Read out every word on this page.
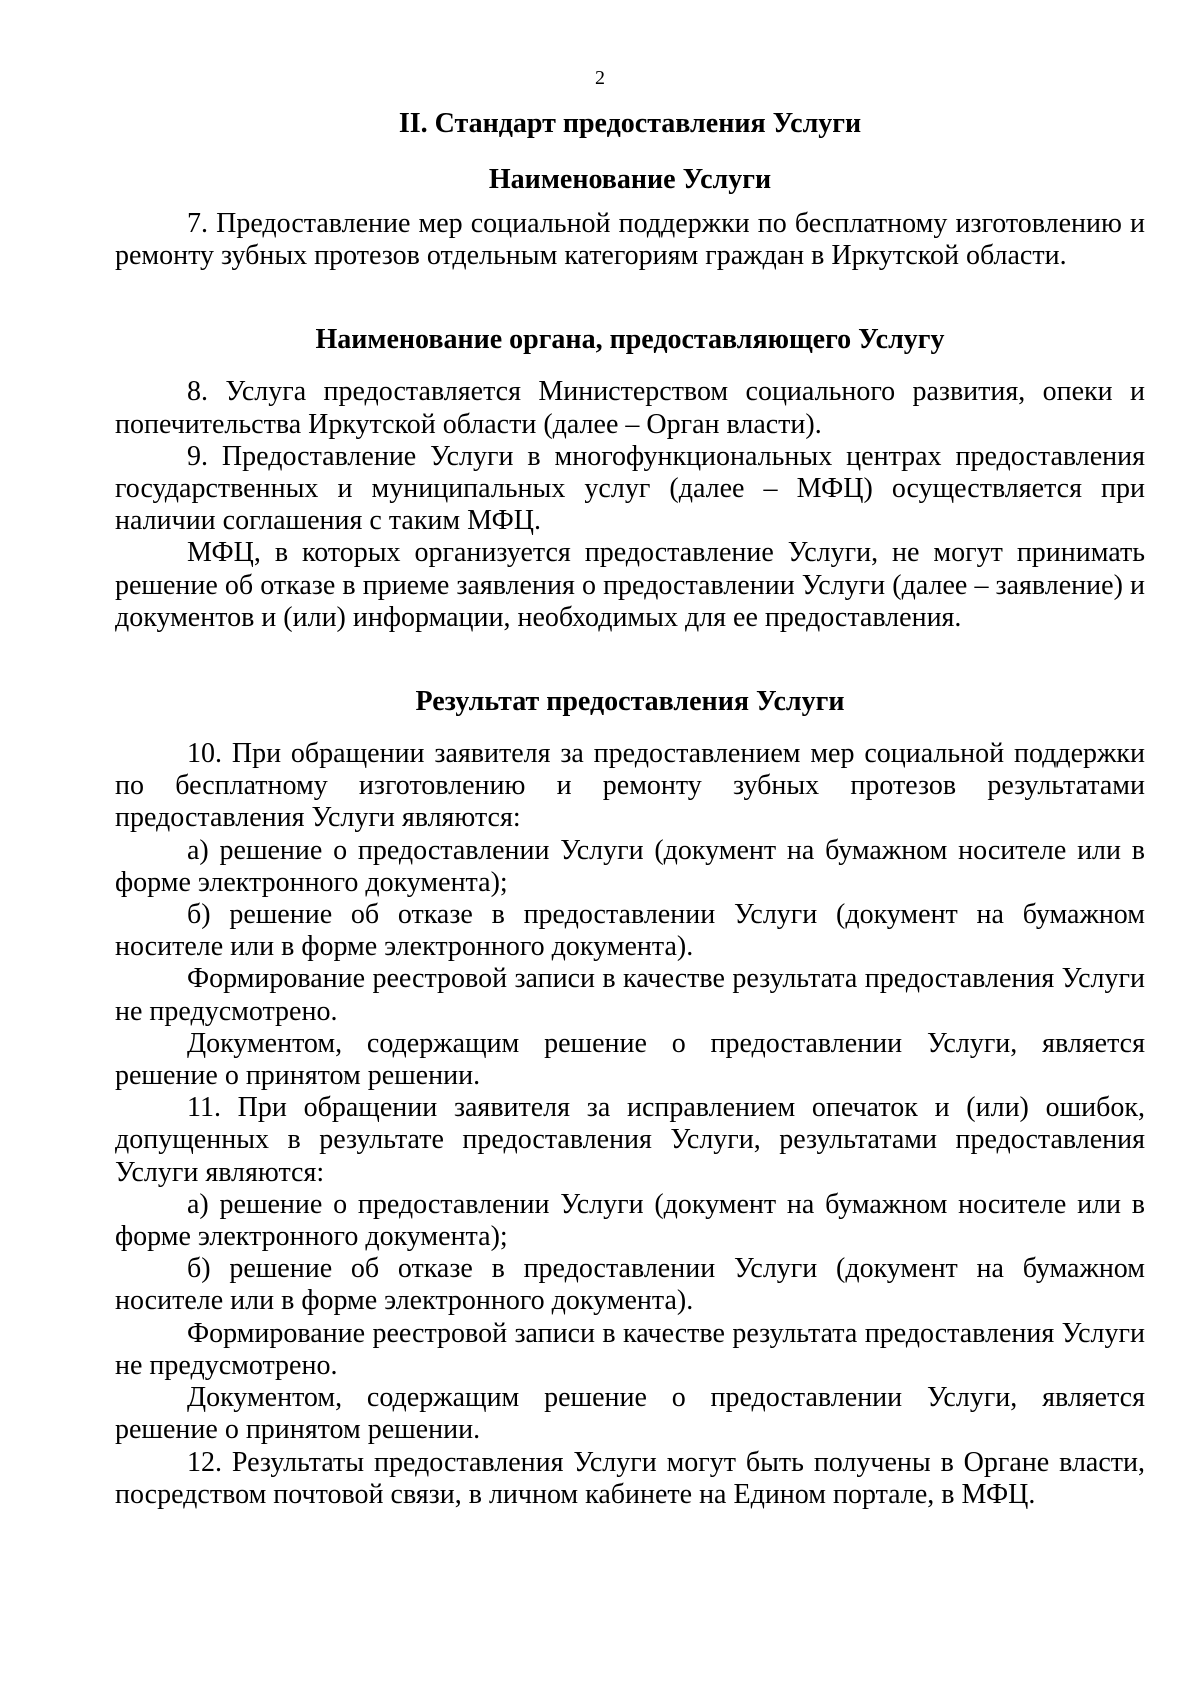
2
II. Стандарт предоставления Услуги
Наименование Услуги

7. Предоставление мер социальной поддержки по бесплатному изготовлению и ремонту зубных протезов отдельным категориям граждан в Иркутской области.

Наименование органа, предоставляющего Услугу

8. Услуга предоставляется Министерством социального развития, опеки и попечительства Иркутской области (далее – Орган власти).

9. Предоставление Услуги в многофункциональных центрах предоставления государственных и муниципальных услуг (далее – МФЦ) осуществляется при наличии соглашения с таким МФЦ.

МФЦ, в которых организуется предоставление Услуги, не могут принимать решение об отказе в приеме заявления о предоставлении Услуги (далее – заявление) и документов и (или) информации, необходимых для ее предоставления.

Результат предоставления Услуги

10. При обращении заявителя за предоставлением мер социальной поддержки по бесплатному изготовлению и ремонту зубных протезов результатами предоставления Услуги являются:

а) решение о предоставлении Услуги (документ на бумажном носителе или в форме электронного документа);

б) решение об отказе в предоставлении Услуги (документ на бумажном носителе или в форме электронного документа).

Формирование реестровой записи в качестве результата предоставления Услуги не предусмотрено.

Документом, содержащим решение о предоставлении Услуги, является решение о принятом решении.

11. При обращении заявителя за исправлением опечаток и (или) ошибок, допущенных в результате предоставления Услуги, результатами предоставления Услуги являются:

а) решение о предоставлении Услуги (документ на бумажном носителе или в форме электронного документа);

б) решение об отказе в предоставлении Услуги (документ на бумажном носителе или в форме электронного документа).

Формирование реестровой записи в качестве результата предоставления Услуги не предусмотрено.

Документом, содержащим решение о предоставлении Услуги, является решение о принятом решении.

12. Результаты предоставления Услуги могут быть получены в Органе власти, посредством почтовой связи, в личном кабинете на Едином портале, в МФЦ.
